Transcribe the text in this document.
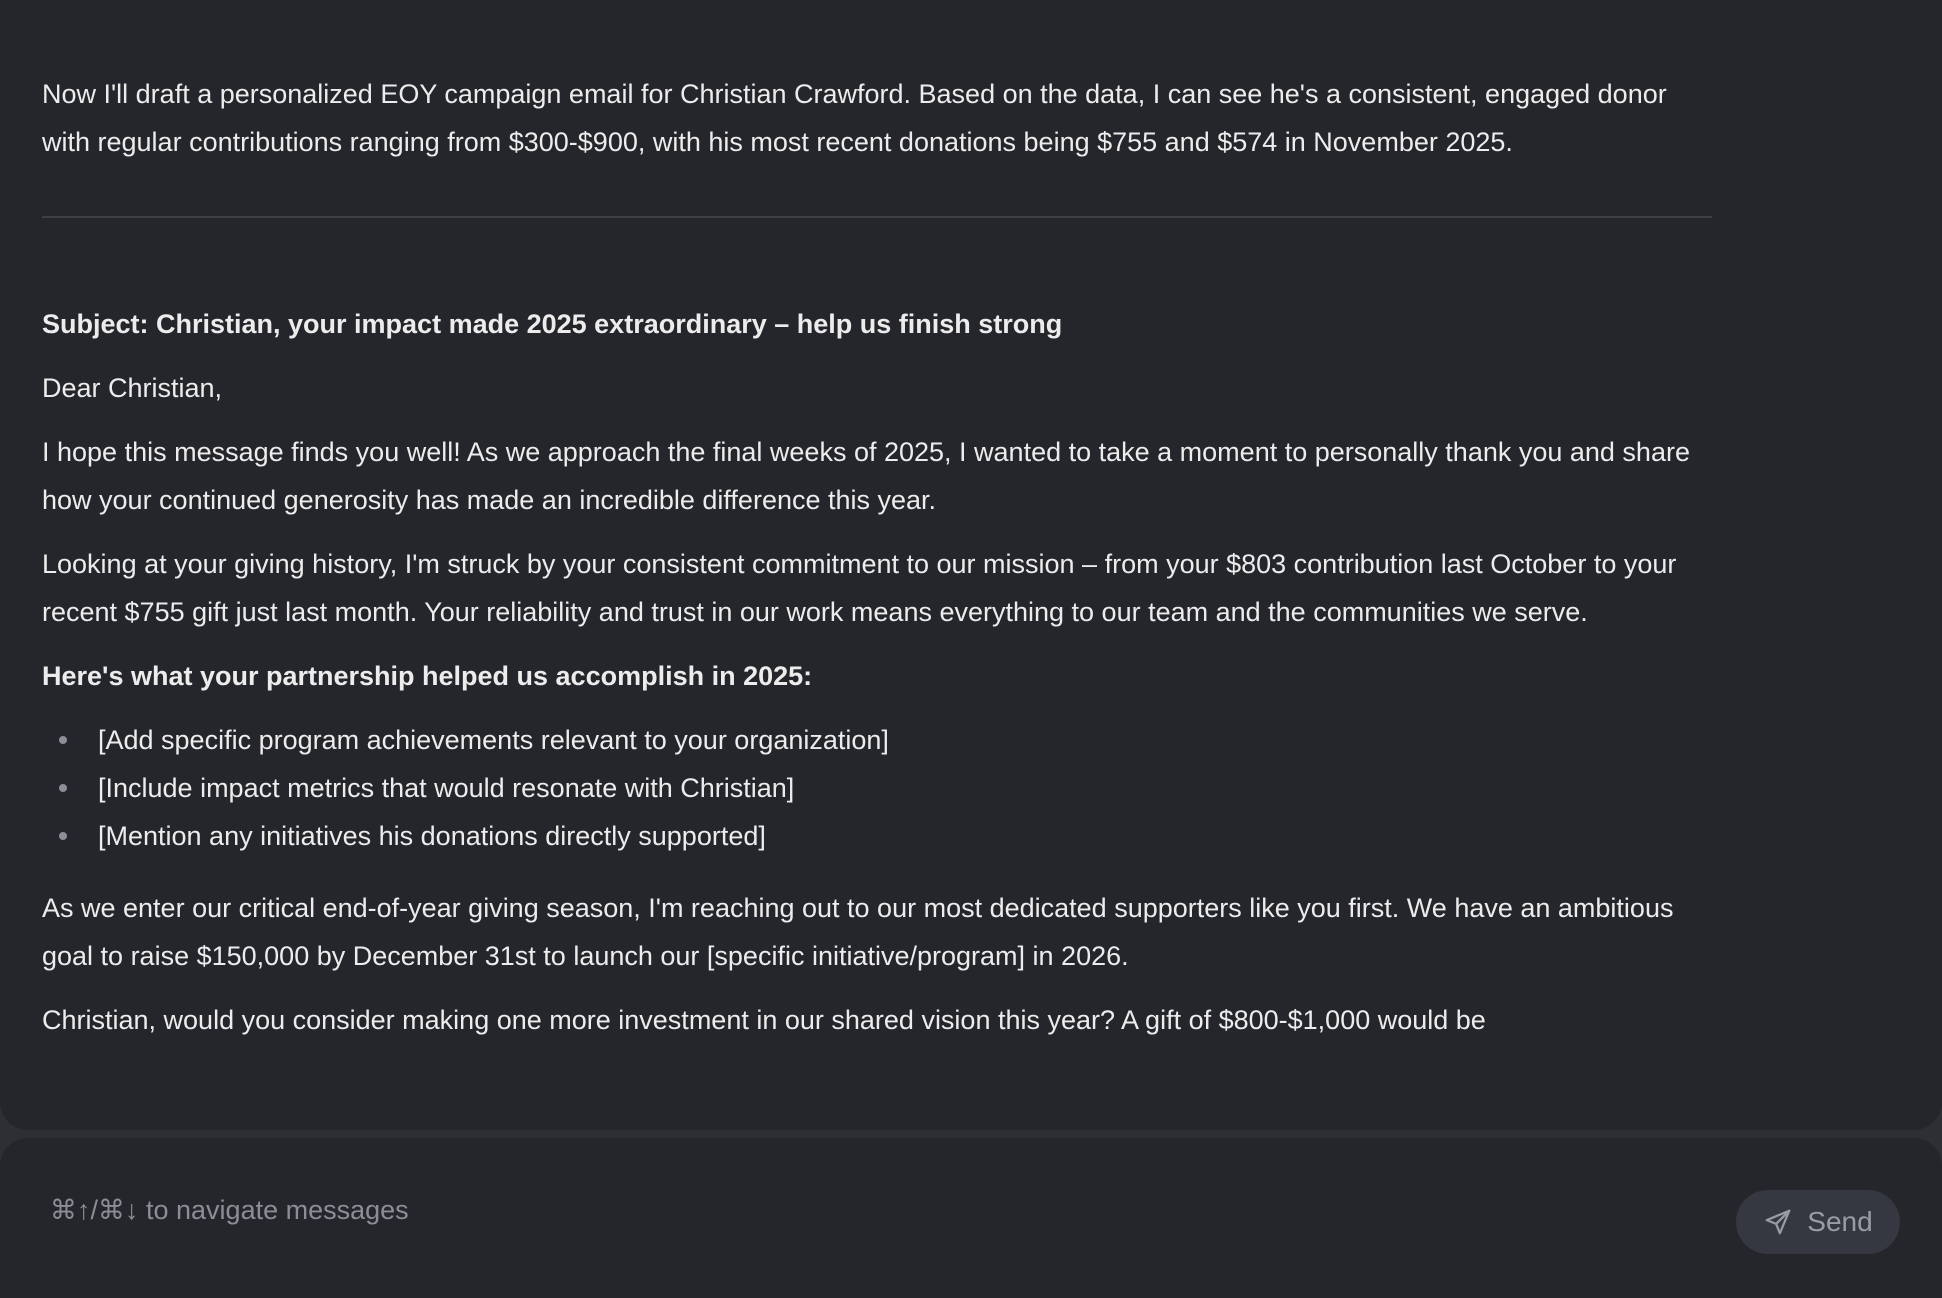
Now I'll draft a personalized EOY campaign email for Christian Crawford. Based on the data, I can see he's a consistent, engaged donor with regular contributions ranging from $300-$900, with his most recent donations being $755 and $574 in November 2025.

Subject: Christian, your impact made 2025 extraordinary – help us finish strong

Dear Christian,

I hope this message finds you well! As we approach the final weeks of 2025, I wanted to take a moment to personally thank you and share how your continued generosity has made an incredible difference this year.

Looking at your giving history, I'm struck by your consistent commitment to our mission – from your $803 contribution last October to your recent $755 gift just last month. Your reliability and trust in our work means everything to our team and the communities we serve.

Here's what your partnership helped us accomplish in 2025:

[Add specific program achievements relevant to your organization]
[Include impact metrics that would resonate with Christian]
[Mention any initiatives his donations directly supported]

As we enter our critical end-of-year giving season, I'm reaching out to our most dedicated supporters like you first. We have an ambitious goal to raise $150,000 by December 31st to launch our [specific initiative/program] in 2026.

Christian, would you consider making one more investment in our shared vision this year? A gift of $800-$1,000 would be

⌘↑/⌘↓ to navigate messages	Send
